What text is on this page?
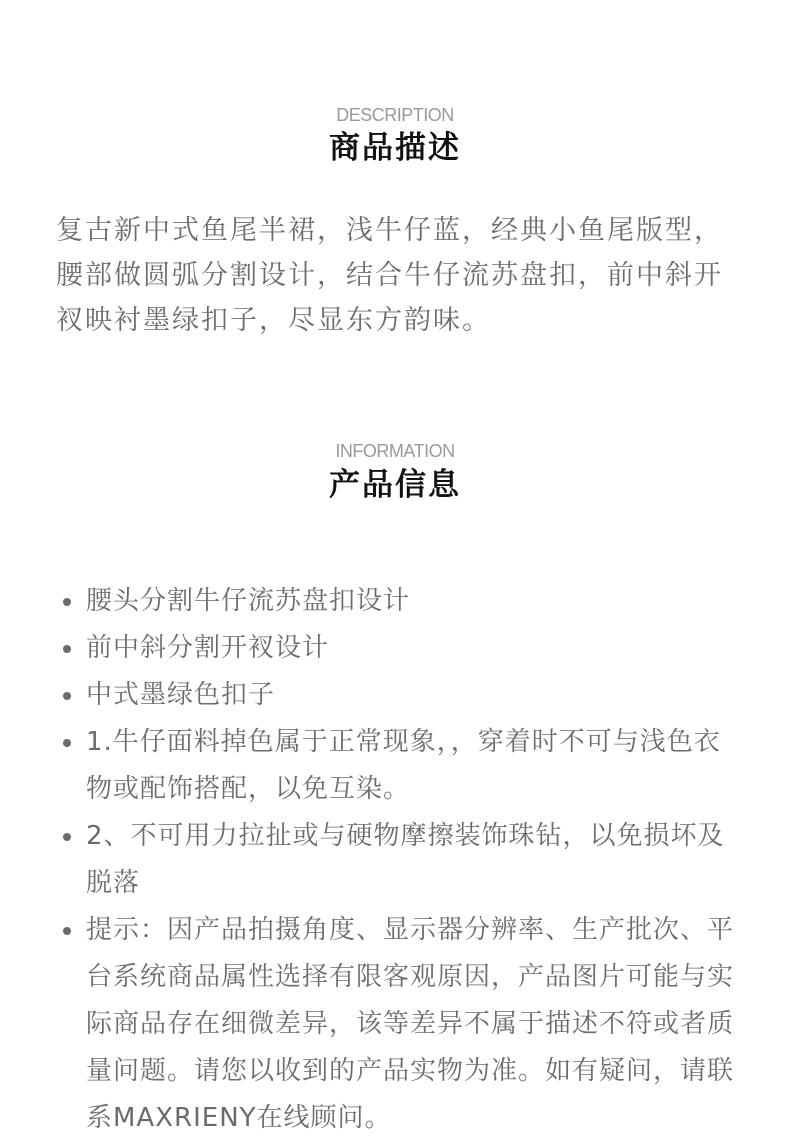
DESCRIPTION
商品描述

复古新中式鱼尾半裙，浅牛仔蓝，经典小鱼尾版型，腰部做圆弧分割设计，结合牛仔流苏盘扣，前中斜开衩映衬墨绿扣子，尽显东方韵味。

INFORMATION
产品信息
腰头分割牛仔流苏盘扣设计
前中斜分割开衩设计
中式墨绿色扣子
1.牛仔面料掉色属于正常现象，，穿着时不可与浅色衣物或配饰搭配，以免互染。
2、不可用力拉扯或与硬物摩擦装饰珠钻，以免损坏及脱落
提示：因产品拍摄角度、显示器分辨率、生产批次、平台系统商品属性选择有限客观原因，产品图片可能与实际商品存在细微差异，该等差异不属于描述不符或者质量问题。请您以收到的产品实物为准。如有疑问，请联系MAXRIENY在线顾问。
